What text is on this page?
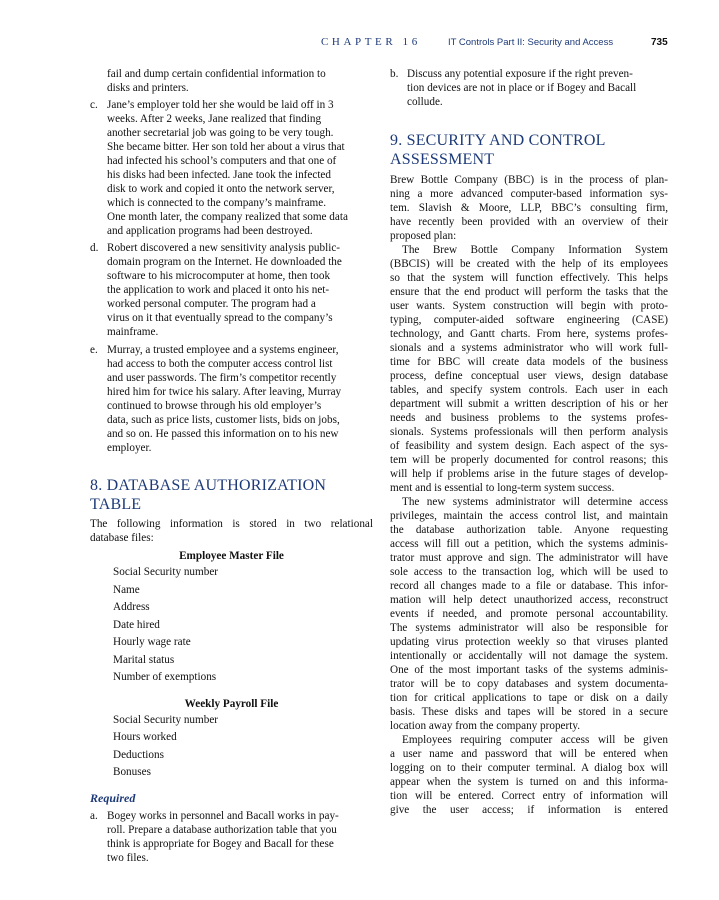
CHAPTER 16	IT Controls Part II: Security and Access	735
fail and dump certain confidential information to
disks and printers.
c. Jane’s employer told her she would be laid off in 3
weeks. After 2 weeks, Jane realized that finding
another secretarial job was going to be very tough.
She became bitter. Her son told her about a virus that
had infected his school’s computers and that one of
his disks had been infected. Jane took the infected
disk to work and copied it onto the network server,
which is connected to the company’s mainframe.
One month later, the company realized that some data
and application programs had been destroyed.
d. Robert discovered a new sensitivity analysis public-
domain program on the Internet. He downloaded the
software to his microcomputer at home, then took
the application to work and placed it onto his net-
worked personal computer. The program had a
virus on it that eventually spread to the company’s
mainframe.
e. Murray, a trusted employee and a systems engineer,
had access to both the computer access control list
and user passwords. The firm’s competitor recently
hired him for twice his salary. After leaving, Murray
continued to browse through his old employer’s
data, such as price lists, customer lists, bids on jobs,
and so on. He passed this information on to his new
employer.
8. DATABASE AUTHORIZATION
TABLE
The following information is stored in two relational
database files:
Employee Master File
Social Security number
Name
Address
Date hired
Hourly wage rate
Marital status
Number of exemptions
Weekly Payroll File
Social Security number
Hours worked
Deductions
Bonuses
Required
a. Bogey works in personnel and Bacall works in pay-
roll. Prepare a database authorization table that you
think is appropriate for Bogey and Bacall for these
two files.
b. Discuss any potential exposure if the right preven-
tion devices are not in place or if Bogey and Bacall
collude.
9. SECURITY AND CONTROL
ASSESSMENT
Brew Bottle Company (BBC) is in the process of plan-
ning a more advanced computer-based information sys-
tem. Slavish & Moore, LLP, BBC’s consulting firm,
have recently been provided with an overview of their
proposed plan:
The Brew Bottle Company Information System
(BBCIS) will be created with the help of its employees
so that the system will function effectively. This helps
ensure that the end product will perform the tasks that the
user wants. System construction will begin with proto-
typing, computer-aided software engineering (CASE)
technology, and Gantt charts. From here, systems profes-
sionals and a systems administrator who will work full-
time for BBC will create data models of the business
process, define conceptual user views, design database
tables, and specify system controls. Each user in each
department will submit a written description of his or her
needs and business problems to the systems profes-
sionals. Systems professionals will then perform analysis
of feasibility and system design. Each aspect of the sys-
tem will be properly documented for control reasons; this
will help if problems arise in the future stages of develop-
ment and is essential to long-term system success.
The new systems administrator will determine access
privileges, maintain the access control list, and maintain
the database authorization table. Anyone requesting
access will fill out a petition, which the systems adminis-
trator must approve and sign. The administrator will have
sole access to the transaction log, which will be used to
record all changes made to a file or database. This infor-
mation will help detect unauthorized access, reconstruct
events if needed, and promote personal accountability.
The systems administrator will also be responsible for
updating virus protection weekly so that viruses planted
intentionally or accidentally will not damage the system.
One of the most important tasks of the systems adminis-
trator will be to copy databases and system documenta-
tion for critical applications to tape or disk on a daily
basis. These disks and tapes will be stored in a secure
location away from the company property.
Employees requiring computer access will be given
a user name and password that will be entered when
logging on to their computer terminal. A dialog box will
appear when the system is turned on and this informa-
tion will be entered. Correct entry of information will
give the user access; if information is entered
